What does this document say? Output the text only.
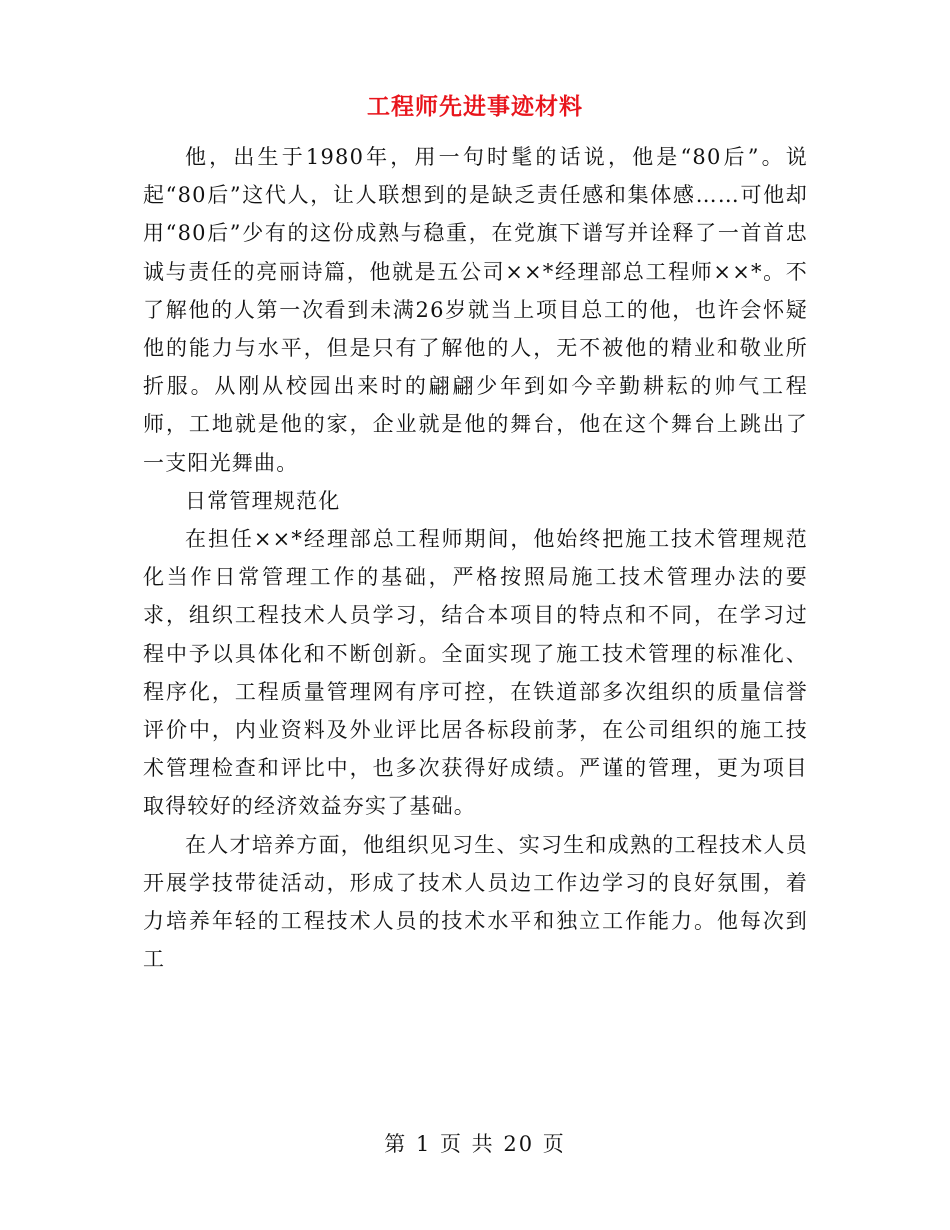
工程师先进事迹材料

他，出生于1980年，用一句时髦的话说，他是“80后”。说起“80后”这代人，让人联想到的是缺乏责任感和集体感……可他却用“80后”少有的这份成熟与稳重，在党旗下谱写并诠释了一首首忠诚与责任的亮丽诗篇，他就是五公司××*经理部总工程师××*。不了解他的人第一次看到未满26岁就当上项目总工的他，也许会怀疑他的能力与水平，但是只有了解他的人，无不被他的精业和敬业所折服。从刚从校园出来时的翩翩少年到如今辛勤耕耘的帅气工程师，工地就是他的家，企业就是他的舞台，他在这个舞台上跳出了一支阳光舞曲。

日常管理规范化

在担任××*经理部总工程师期间，他始终把施工技术管理规范化当作日常管理工作的基础，严格按照局施工技术管理办法的要求，组织工程技术人员学习，结合本项目的特点和不同，在学习过程中予以具体化和不断创新。全面实现了施工技术管理的标准化、程序化，工程质量管理网有序可控，在铁道部多次组织的质量信誉评价中，内业资料及外业评比居各标段前茅，在公司组织的施工技术管理检查和评比中，也多次获得好成绩。严谨的管理，更为项目取得较好的经济效益夯实了基础。

在人才培养方面，他组织见习生、实习生和成熟的工程技术人员开展学技带徒活动，形成了技术人员边工作边学习的良好氛围，着力培养年轻的工程技术人员的技术水平和独立工作能力。他每次到工

第 1 页 共 20 页
